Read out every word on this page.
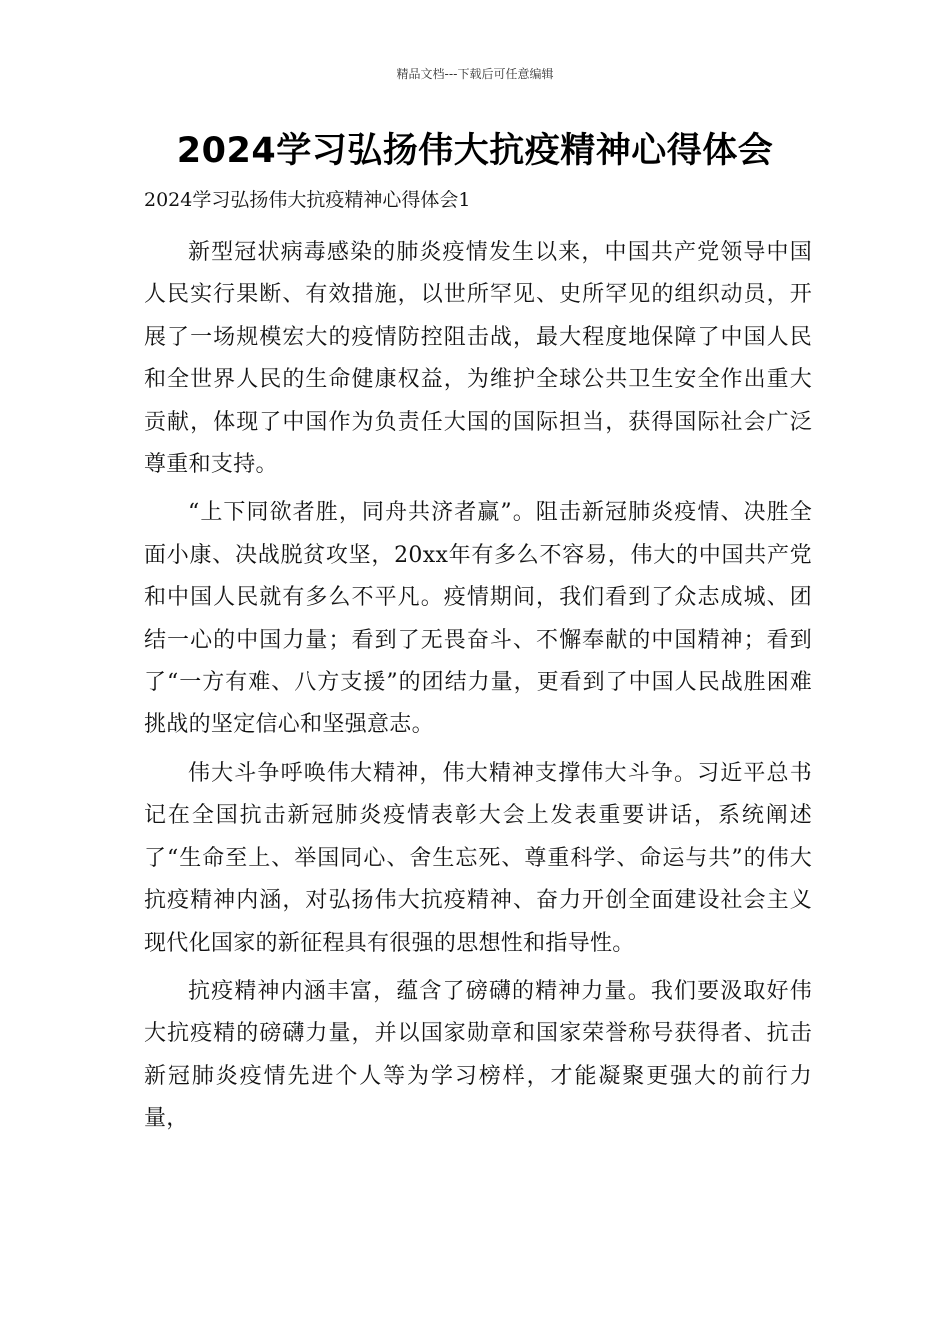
精品文档---下载后可任意编辑
2024学习弘扬伟大抗疫精神心得体会
2024学习弘扬伟大抗疫精神心得体会1

新型冠状病毒感染的肺炎疫情发生以来，中国共产党领导中国人民实行果断、有效措施，以世所罕见、史所罕见的组织动员，开展了一场规模宏大的疫情防控阻击战，最大程度地保障了中国人民和全世界人民的生命健康权益，为维护全球公共卫生安全作出重大贡献，体现了中国作为负责任大国的国际担当，获得国际社会广泛尊重和支持。

“上下同欲者胜，同舟共济者赢”。阻击新冠肺炎疫情、决胜全面小康、决战脱贫攻坚，20xx年有多么不容易，伟大的中国共产党和中国人民就有多么不平凡。疫情期间，我们看到了众志成城、团结一心的中国力量；看到了无畏奋斗、不懈奉献的中国精神；看到了“一方有难、八方支援”的团结力量，更看到了中国人民战胜困难挑战的坚定信心和坚强意志。

伟大斗争呼唤伟大精神，伟大精神支撑伟大斗争。习近平总书记在全国抗击新冠肺炎疫情表彰大会上发表重要讲话，系统阐述了“生命至上、举国同心、舍生忘死、尊重科学、命运与共”的伟大抗疫精神内涵，对弘扬伟大抗疫精神、奋力开创全面建设社会主义现代化国家的新征程具有很强的思想性和指导性。

抗疫精神内涵丰富，蕴含了磅礴的精神力量。我们要汲取好伟大抗疫精的磅礴力量，并以国家勋章和国家荣誉称号获得者、抗击新冠肺炎疫情先进个人等为学习榜样，才能凝聚更强大的前行力量，
